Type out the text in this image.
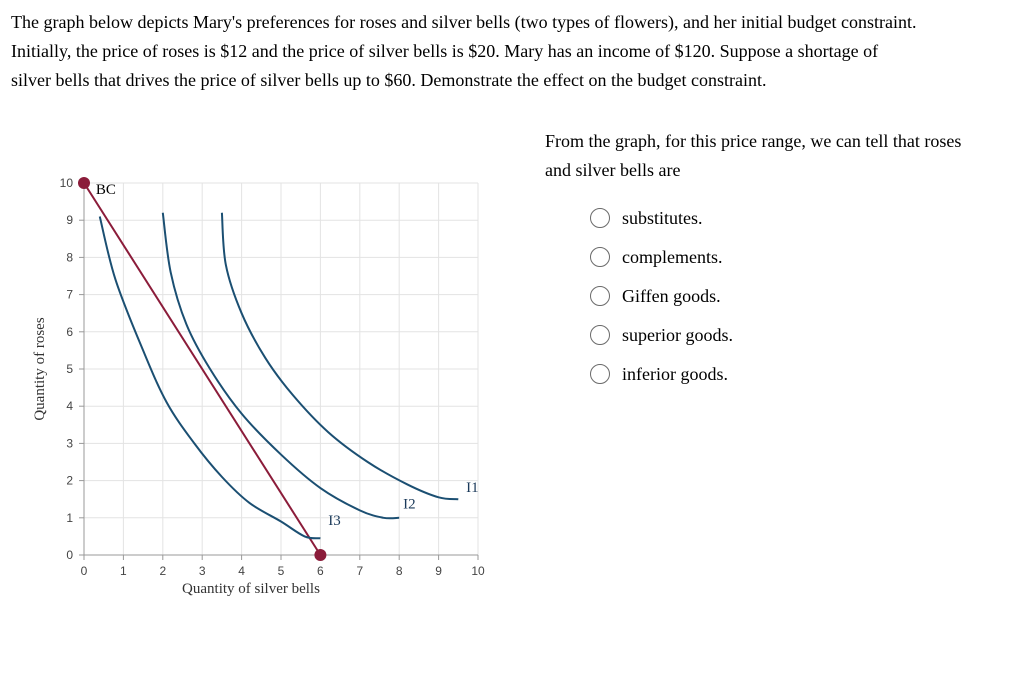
The graph below depicts Mary's preferences for roses and silver bells (two types of flowers), and her initial budget constraint.
Initially, the price of roses is $12 and the price of silver bells is $20. Mary has an income of $120. Suppose a shortage of
silver bells that drives the price of silver bells up to $60. Demonstrate the effect on the budget constraint.
0	1	2	3	4	5	6	7	8	9 10
0
1
2
3
4
5
6
7
8
9
10
Quantity of silver bells
Quantity of roses
BC
I3
I2
I1
From the graph, for this price range, we can tell that roses
and silver bells are
substitutes.
complements.
Giffen goods.
superior goods.
inferior goods.
